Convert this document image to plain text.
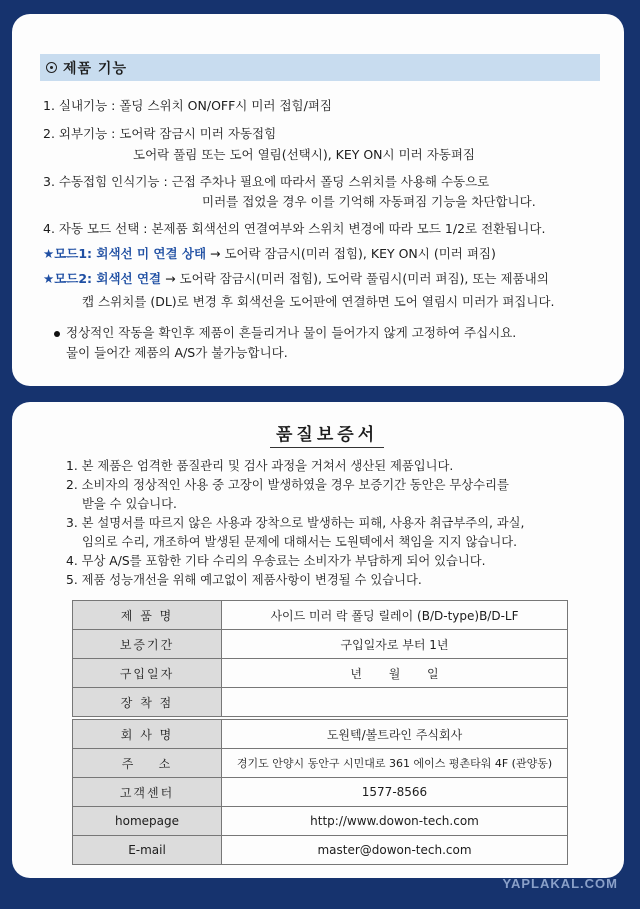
제품 기능
1. 실내기능 : 폴딩 스위치 ON/OFF시 미러 접힘/펴짐
2. 외부기능 : 도어락 잠금시 미러 자동접힘
도어락 풀림 또는 도어 열림(선택시), KEY ON시 미러 자동펴짐
3. 수동접힘 인식기능 : 근접 주차나 필요에 따라서 폴딩 스위치를 사용해 수동으로
미러를 접었을 경우 이를 기억해 자동펴짐 기능을 차단합니다.
4. 자동 모드 선택 : 본제품 회색선의 연결여부와 스위치 변경에 따라 모드 1/2로 전환됩니다.
★모드1: 회색선 미 연결 상태 → 도어락 잠금시(미러 접힘), KEY ON시 (미러 펴짐)
★모드2: 회색선 연결 → 도어락 잠금시(미러 접힘), 도어락 풀림시(미러 펴짐), 또는 제품내의
캡 스위치를 (DL)로 변경 후 회색선을 도어판에 연결하면 도어 열림시 미러가 펴집니다.
정상적인 작동을 확인후 제품이 흔들리거나 물이 들어가지 않게 고정하여 주십시요.
물이 들어간 제품의 A/S가 불가능합니다.
품질보증서
1. 본 제품은 엄격한 품질관리 및 검사 과정을 거쳐서 생산된 제품입니다.
2. 소비자의 정상적인 사용 중 고장이 발생하였을 경우 보증기간 동안은 무상수리를
받을 수 있습니다.
3. 본 설명서를 따르지 않은 사용과 장착으로 발생하는 피해, 사용자 취급부주의, 과실,
임의로 수리, 개조하여 발생된 문제에 대해서는 도원텍에서 책임을 지지 않습니다.
4. 무상 A/S를 포함한 기타 수리의 우송료는 소비자가 부담하게 되어 있습니다.
5. 제품 성능개선을 위해 예고없이 제품사항이 변경될 수 있습니다.
제 품 명	사이드 미러 락 폴딩 릴레이 (B/D-type)B/D-LF
보증기간	구입일자로 부터 1년
구입일자	년       월       일
장 착 점	
회 사 명	도원텍/볼트라인 주식회사
주    소	경기도 안양시 동안구 시민대로 361 에이스 평촌타워 4F (관양동)
고객센터	1577-8566
homepage	http://www.dowon-tech.com
E-mail	master@dowon-tech.com
YAPLAKAL.COM
